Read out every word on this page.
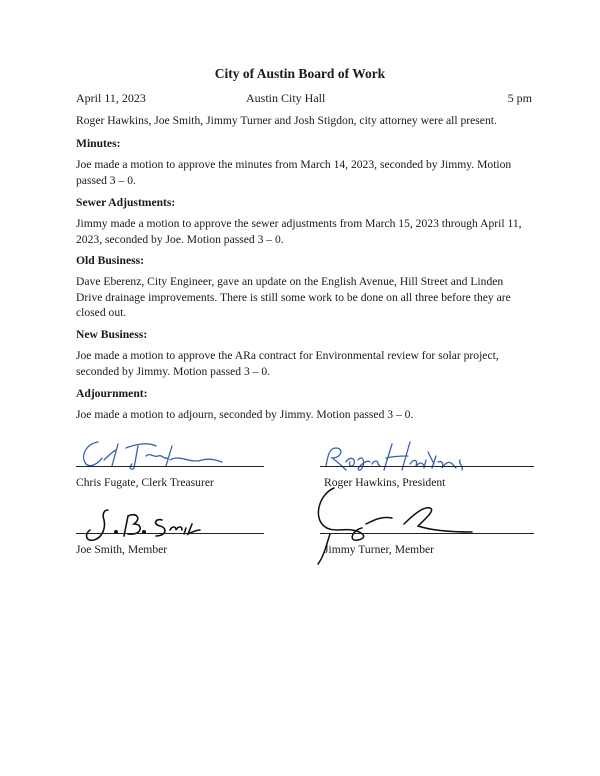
City of Austin Board of Work
April 11, 2023	Austin City Hall	5 pm
Roger Hawkins, Joe Smith, Jimmy Turner and Josh Stigdon, city attorney were all present.
Minutes:
Joe made a motion to approve the minutes from March 14, 2023, seconded by Jimmy. Motion passed 3 – 0.
Sewer Adjustments:
Jimmy made a motion to approve the sewer adjustments from March 15, 2023 through April 11, 2023, seconded by Joe. Motion passed 3 – 0.
Old Business:
Dave Eberenz, City Engineer, gave an update on the English Avenue, Hill Street and Linden Drive drainage improvements. There is still some work to be done on all three before they are closed out.
New Business:
Joe made a motion to approve the ARa contract for Environmental review for solar project, seconded by Jimmy. Motion passed 3 – 0.
Adjournment:
Joe made a motion to adjourn, seconded by Jimmy. Motion passed 3 – 0.
Chris Fugate, Clerk Treasurer	Roger Hawkins, President
Joe Smith, Member	Jimmy Turner, Member
